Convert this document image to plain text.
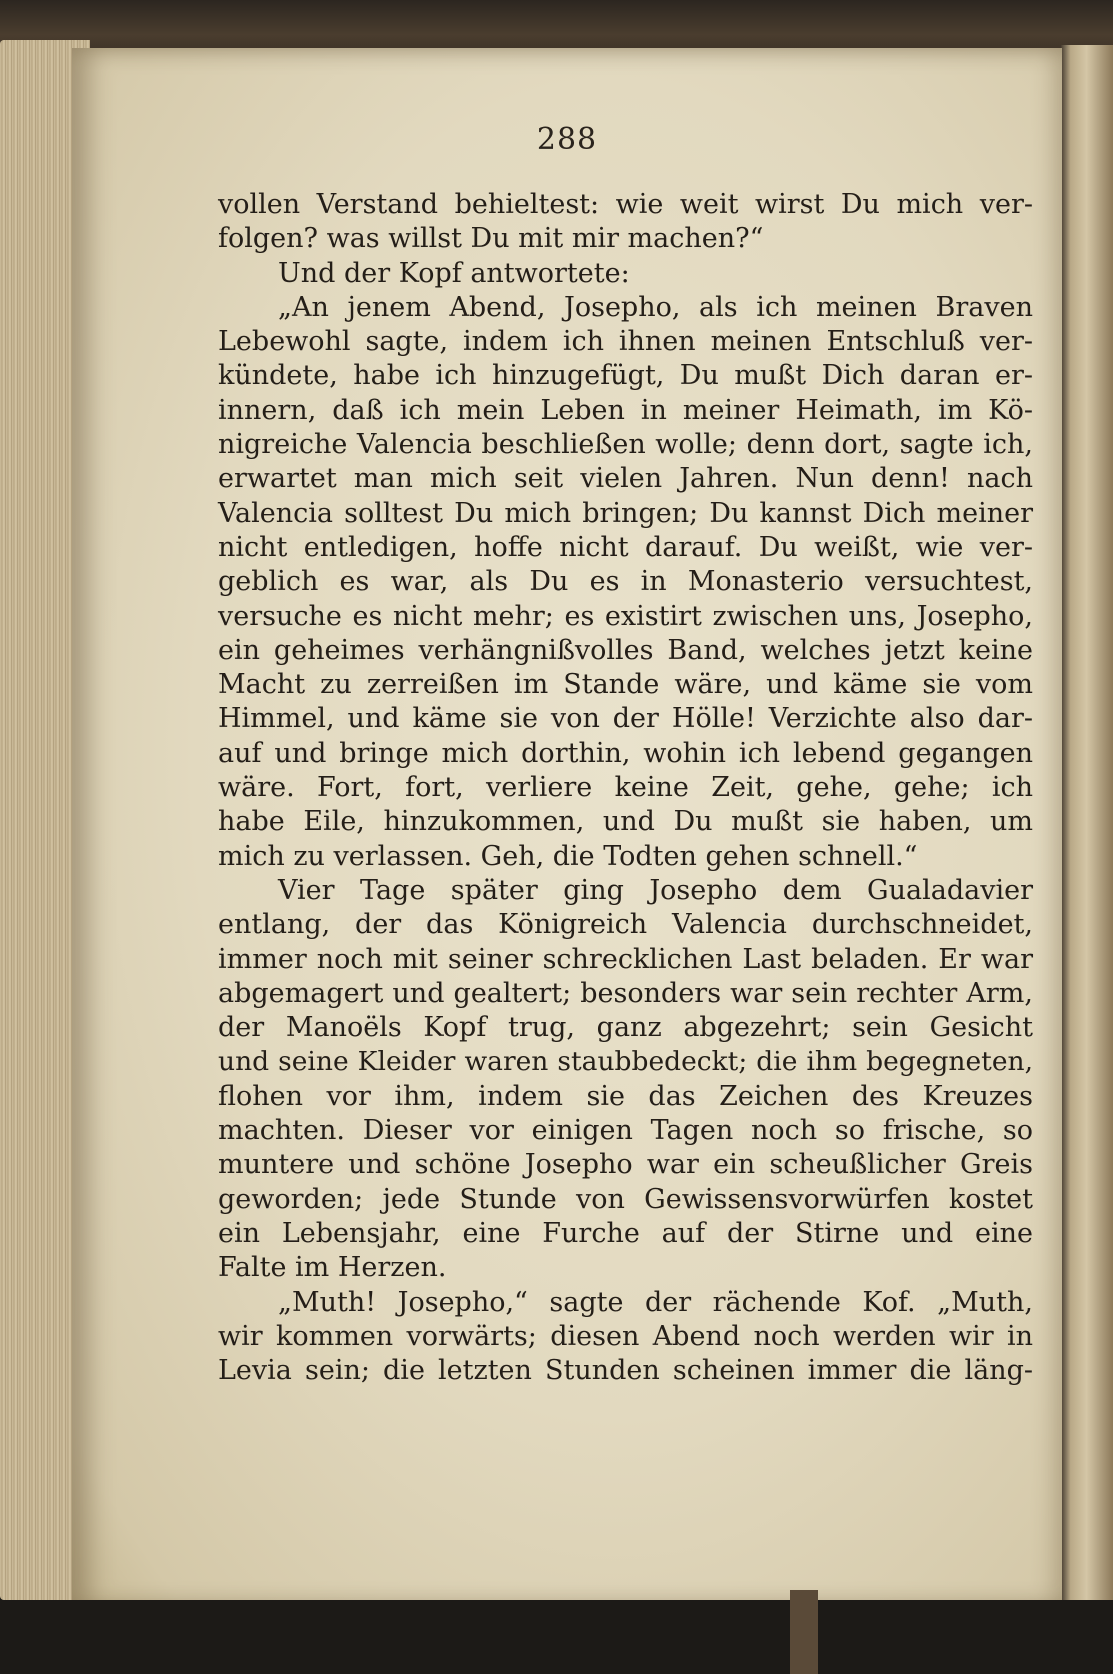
288
vollen Verstand behieltest: wie weit wirst Du mich ver-
folgen? was willst Du mit mir machen?“
Und der Kopf antwortete:
„An jenem Abend, Josepho, als ich meinen Braven
Lebewohl sagte, indem ich ihnen meinen Entschluß ver-
kündete, habe ich hinzugefügt, Du mußt Dich daran er-
innern, daß ich mein Leben in meiner Heimath, im Kö-
nigreiche Valencia beschließen wolle; denn dort, sagte ich,
erwartet man mich seit vielen Jahren. Nun denn! nach
Valencia solltest Du mich bringen; Du kannst Dich meiner
nicht entledigen, hoffe nicht darauf. Du weißt, wie ver-
geblich es war, als Du es in Monasterio versuchtest,
versuche es nicht mehr; es existirt zwischen uns, Josepho,
ein geheimes verhängnißvolles Band, welches jetzt keine
Macht zu zerreißen im Stande wäre, und käme sie vom
Himmel, und käme sie von der Hölle! Verzichte also dar-
auf und bringe mich dorthin, wohin ich lebend gegangen
wäre. Fort, fort, verliere keine Zeit, gehe, gehe; ich
habe Eile, hinzukommen, und Du mußt sie haben, um
mich zu verlassen. Geh, die Todten gehen schnell.“
Vier Tage später ging Josepho dem Gualadavier
entlang, der das Königreich Valencia durchschneidet,
immer noch mit seiner schrecklichen Last beladen. Er war
abgemagert und gealtert; besonders war sein rechter Arm,
der Manoëls Kopf trug, ganz abgezehrt; sein Gesicht
und seine Kleider waren staubbedeckt; die ihm begegneten,
flohen vor ihm, indem sie das Zeichen des Kreuzes
machten. Dieser vor einigen Tagen noch so frische, so
muntere und schöne Josepho war ein scheußlicher Greis
geworden; jede Stunde von Gewissensvorwürfen kostet
ein Lebensjahr, eine Furche auf der Stirne und eine
Falte im Herzen.
„Muth! Josepho,“ sagte der rächende Kof. „Muth,
wir kommen vorwärts; diesen Abend noch werden wir in
Levia sein; die letzten Stunden scheinen immer die läng-
